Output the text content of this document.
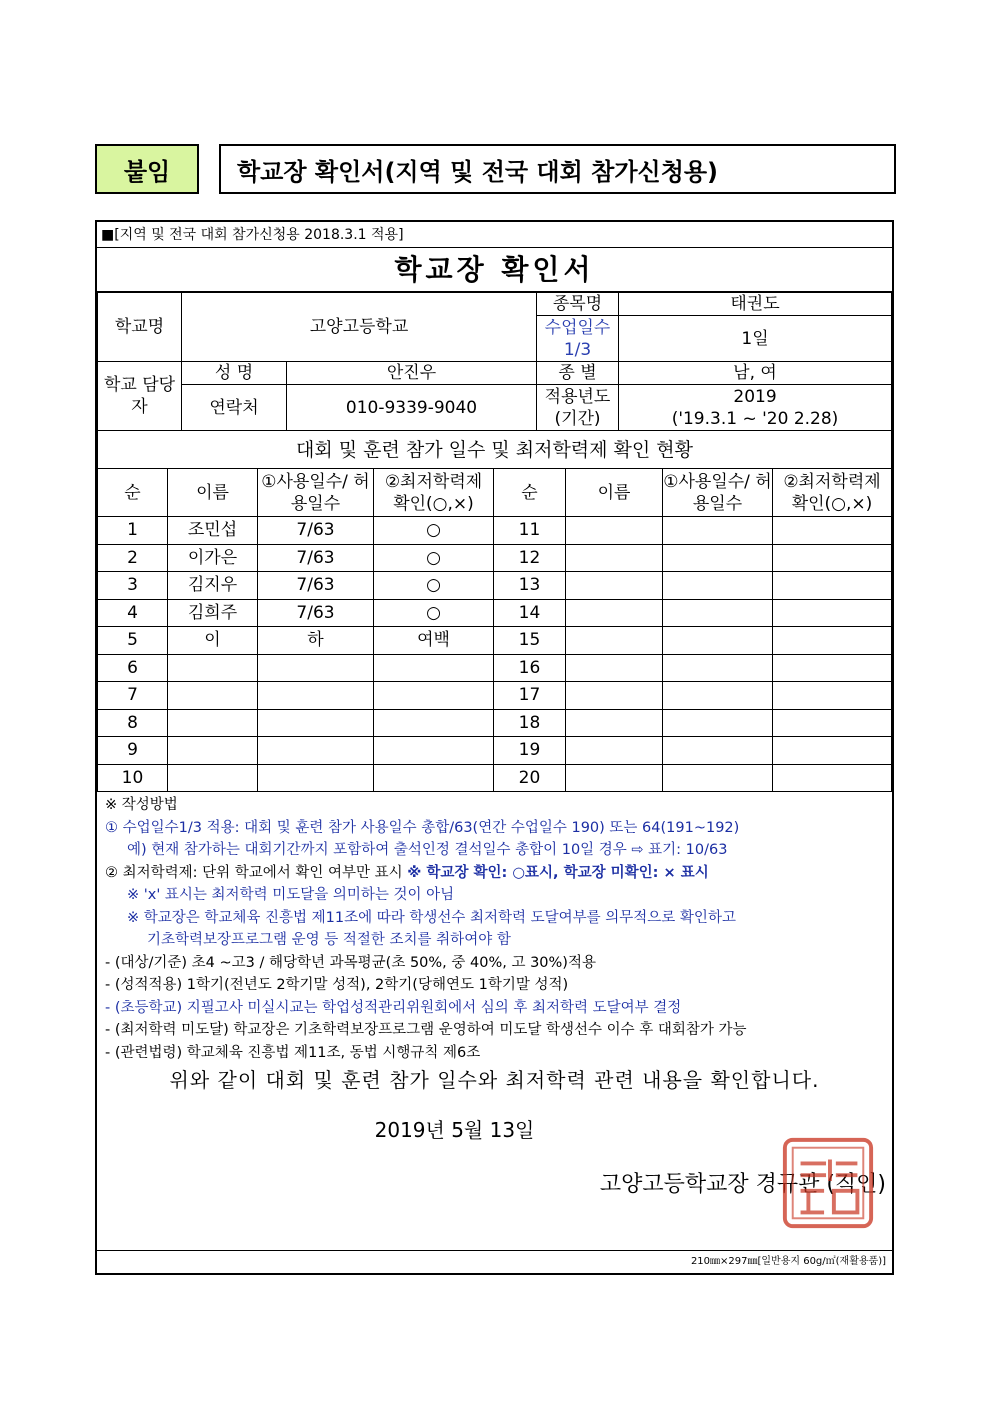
붙임	학교장 확인서(지역 및 전국 대회 참가신청용)
■[지역 및 전국 대회 참가신청용 2018.3.1 적용]
학교장 확인서
학교명	고양고등학교		종목명	태권도
			수업일수 1/3	1일
학교 담당자	성 명	안진우	종 별	남, 여
	연락처	010-9339-9040	적용년도 (기간)	2019
('19.3.1 ~ '20 2.28)

대회 및 훈련 참가 일수 및 최저학력제 확인 현황				
순	이름	①사용일수/ 허용일수	②최저학력제 확인(○,×)	순	이름	①사용일수/ 허용일수	②최저학력제 확인(○,×)
1	조민섭	7/63	○	11			
2	이가은	7/63	○	12			
3	김지우	7/63	○	13			
4	김희주	7/63	○	14			
5	이	하	여백	15			
6				16			
7				17			
8				18			
9				19			
10				20			
※ 작성방법
① 수업일수1/3 적용: 대회 및 훈련 참가 사용일수 총합/63(연간 수업일수 190) 또는 64(191~192)
예) 현재 참가하는 대회기간까지 포함하여 출석인정 결석일수 총합이 10일 경우 ⇨ 표기: 10/63
② 최저학력제: 단위 학교에서 확인 여부만 표시 ※ 학교장 확인: ○표시, 학교장 미확인: × 표시
※ 'x' 표시는 최저학력 미도달을 의미하는 것이 아님
※ 학교장은 학교체육 진흥법 제11조에 따라 학생선수 최저학력 도달여부를 의무적으로 확인하고
기초학력보장프로그램 운영 등 적절한 조치를 취하여야 함
- (대상/기준) 초4 ~고3 / 해당학년 과목평균(초 50%, 중 40%, 고 30%)적용
- (성적적용) 1학기(전년도 2학기말 성적), 2학기(당해연도 1학기말 성적)
- (초등학교) 지필고사 미실시교는 학업성적관리위원회에서 심의 후 최저학력 도달여부 결정
- (최저학력 미도달) 학교장은 기초학력보장프로그램 운영하여 미도달 학생선수 이수 후 대회참가 가능
- (관련법령) 학교체육 진흥법 제11조, 동법 시행규칙 제6조
위와 같이 대회 및 훈련 참가 일수와 최저학력 관련 내용을 확인합니다.
2019년 5월 13일
고양고등학교장 경규관 (직인)
210㎜×297㎜[일반용지 60g/㎡(재활용품)]
